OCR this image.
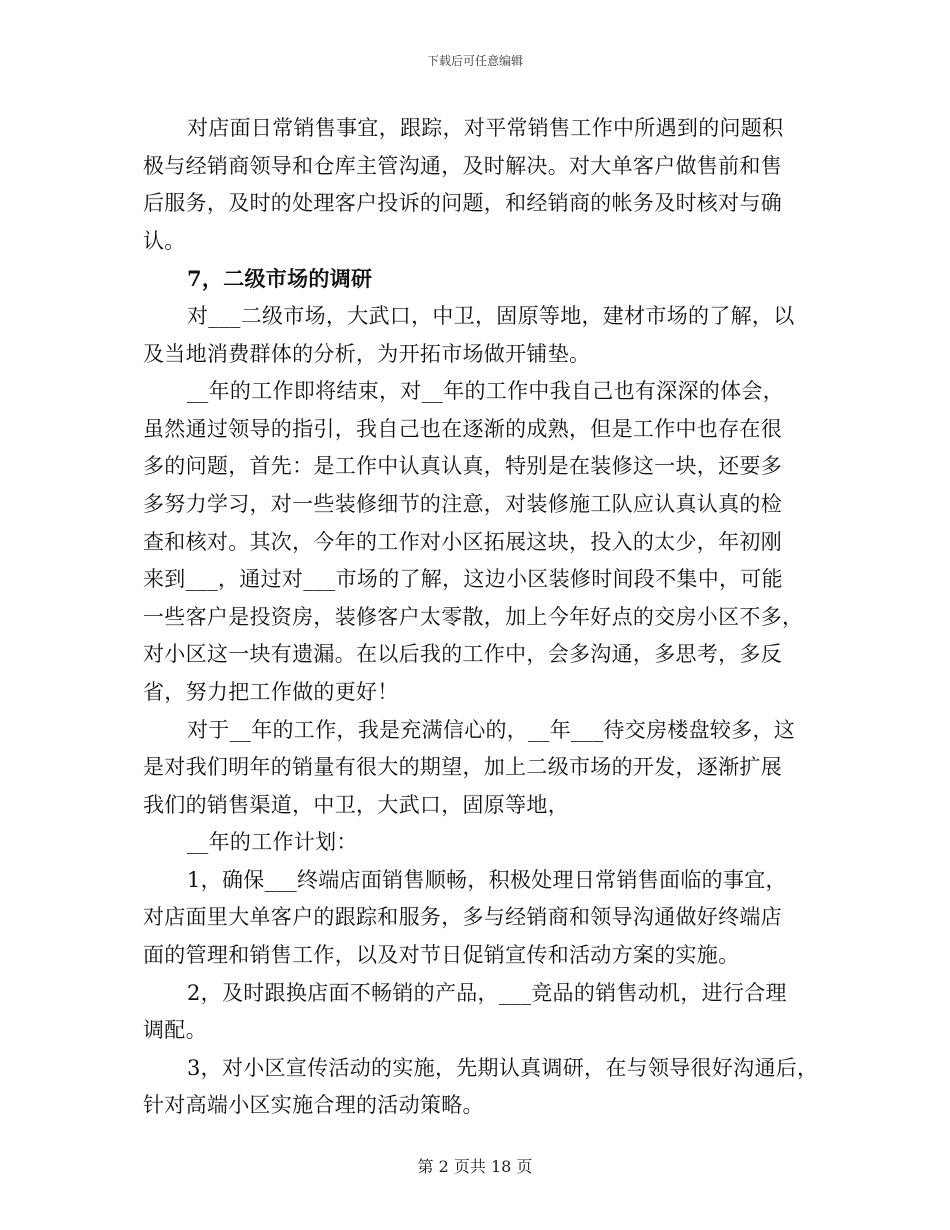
下载后可任意编辑
对店面日常销售事宜，跟踪，对平常销售工作中所遇到的问题积
极与经销商领导和仓库主管沟通，及时解决。对大单客户做售前和售
后服务，及时的处理客户投诉的问题，和经销商的帐务及时核对与确
认。
7，二级市场的调研
对___二级市场，大武口，中卫，固原等地，建材市场的了解，以
及当地消费群体的分析，为开拓市场做开铺垫。
__年的工作即将结束，对__年的工作中我自己也有深深的体会，
虽然通过领导的指引，我自己也在逐渐的成熟，但是工作中也存在很
多的问题，首先：是工作中认真认真，特别是在装修这一块，还要多
多努力学习，对一些装修细节的注意，对装修施工队应认真认真的检
查和核对。其次，今年的工作对小区拓展这块，投入的太少，年初刚
来到___，通过对___市场的了解，这边小区装修时间段不集中，可能
一些客户是投资房，装修客户太零散，加上今年好点的交房小区不多，
对小区这一块有遗漏。在以后我的工作中，会多沟通，多思考，多反
省，努力把工作做的更好！
对于__年的工作，我是充满信心的，__年___待交房楼盘较多，这
是对我们明年的销量有很大的期望，加上二级市场的开发，逐渐扩展
我们的销售渠道，中卫，大武口，固原等地，
__年的工作计划：
1，确保___终端店面销售顺畅，积极处理日常销售面临的事宜，
对店面里大单客户的跟踪和服务，多与经销商和领导沟通做好终端店
面的管理和销售工作，以及对节日促销宣传和活动方案的实施。
2，及时跟换店面不畅销的产品，___竞品的销售动机，进行合理
调配。
3，对小区宣传活动的实施，先期认真调研，在与领导很好沟通后，
针对高端小区实施合理的活动策略。
第 2 页共 18 页
